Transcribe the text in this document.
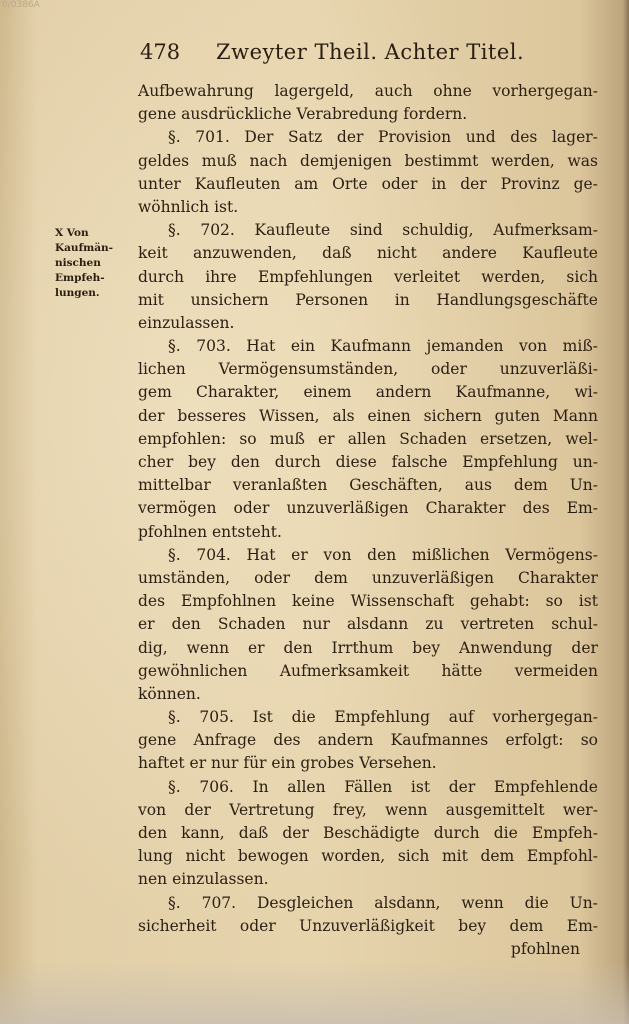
0/0386A
478 Zweyter Theil. Achter Titel.
X Von
Kaufmän-
nischen
Empfeh-
lungen.
Aufbewahrung lagergeld, auch ohne vorhergegan-
gene ausdrückliche Verabredung fordern.
§. 701. Der Satz der Provision und des lager-
geldes muß nach demjenigen bestimmt werden, was
unter Kaufleuten am Orte oder in der Provinz ge-
wöhnlich ist.
§. 702. Kaufleute sind schuldig, Aufmerksam-
keit anzuwenden, daß nicht andere Kaufleute
durch ihre Empfehlungen verleitet werden, sich
mit unsichern Personen in Handlungsgeschäfte
einzulassen.
§. 703. Hat ein Kaufmann jemanden von miß-
lichen Vermögensumständen, oder unzuverläßi-
gem Charakter, einem andern Kaufmanne, wi-
der besseres Wissen, als einen sichern guten Mann
empfohlen: so muß er allen Schaden ersetzen, wel-
cher bey den durch diese falsche Empfehlung un-
mittelbar veranlaßten Geschäften, aus dem Un-
vermögen oder unzuverläßigen Charakter des Em-
pfohlnen entsteht.
§. 704. Hat er von den mißlichen Vermögens-
umständen, oder dem unzuverläßigen Charakter
des Empfohlnen keine Wissenschaft gehabt: so ist
er den Schaden nur alsdann zu vertreten schul-
dig, wenn er den Irrthum bey Anwendung der
gewöhnlichen Aufmerksamkeit hätte vermeiden
können.
§. 705. Ist die Empfehlung auf vorhergegan-
gene Anfrage des andern Kaufmannes erfolgt: so
haftet er nur für ein grobes Versehen.
§. 706. In allen Fällen ist der Empfehlende
von der Vertretung frey, wenn ausgemittelt wer-
den kann, daß der Beschädigte durch die Empfeh-
lung nicht bewogen worden, sich mit dem Empfohl-
nen einzulassen.
§. 707. Desgleichen alsdann, wenn die Un-
sicherheit oder Unzuverläßigkeit bey dem Em-
pfohlnen
